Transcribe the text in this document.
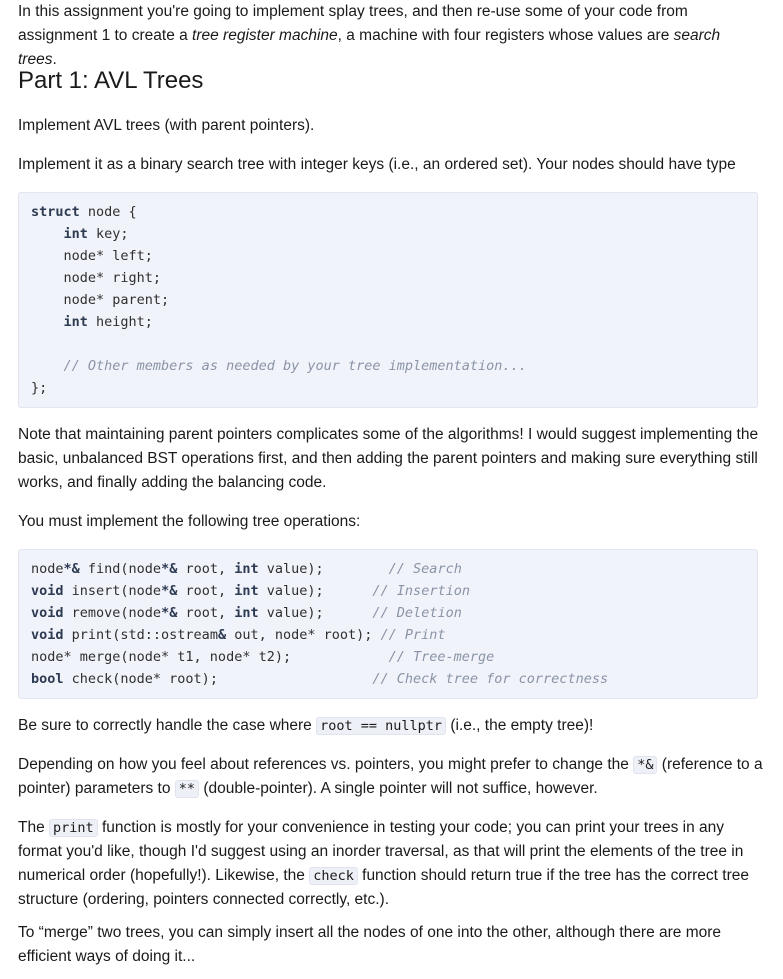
In this assignment you're going to implement splay trees, and then re-use some of your code from assignment 1 to create a tree register machine, a machine with four registers whose values are search trees.

Part 1: AVL Trees

Implement AVL trees (with parent pointers).

Implement it as a binary search tree with integer keys (i.e., an ordered set). Your nodes should have type

struct node {
int key;
node* left;
node* right;
node* parent;
int height;

// Other members as needed by your tree implementation...
};

Note that maintaining parent pointers complicates some of the algorithms! I would suggest implementing the basic, unbalanced BST operations first, and then adding the parent pointers and making sure everything still works, and finally adding the balancing code.

You must implement the following tree operations:

node*& find(node*& root, int value);        // Search
void insert(node*& root, int value);      // Insertion
void remove(node*& root, int value);      // Deletion
void print(std::ostream& out, node* root); // Print
node* merge(node* t1, node* t2);            // Tree-merge
bool check(node* root);                   // Check tree for correctness

Be sure to correctly handle the case where root == nullptr (i.e., the empty tree)!

Depending on how you feel about references vs. pointers, you might prefer to change the *& (reference to a pointer) parameters to ** (double-pointer). A single pointer will not suffice, however.

The print function is mostly for your convenience in testing your code; you can print your trees in any format you'd like, though I'd suggest using an inorder traversal, as that will print the elements of the tree in numerical order (hopefully!). Likewise, the check function should return true if the tree has the correct tree structure (ordering, pointers connected correctly, etc.).

To “merge” two trees, you can simply insert all the nodes of one into the other, although there are more efficient ways of doing it...
